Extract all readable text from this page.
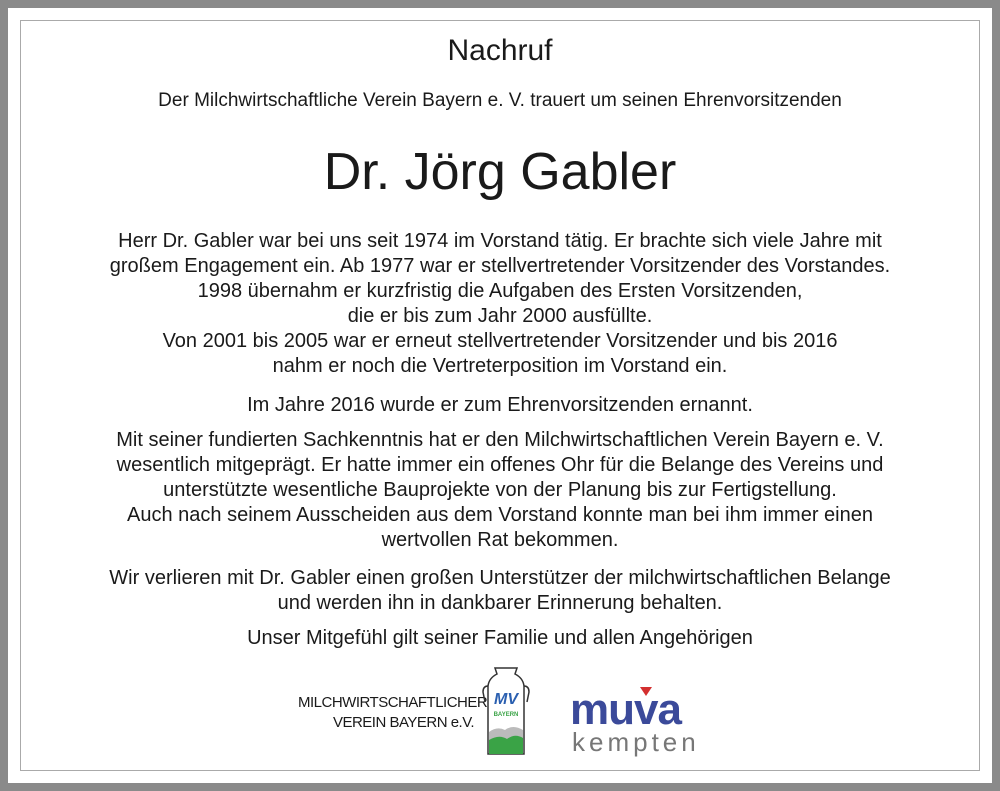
Nachruf
Der Milchwirtschaftliche Verein Bayern e. V. trauert um seinen Ehrenvorsitzenden
Dr. Jörg Gabler
Herr Dr. Gabler war bei uns seit 1974 im Vorstand tätig. Er brachte sich viele Jahre mit
großem Engagement ein. Ab 1977 war er stellvertretender Vorsitzender des Vorstandes.
1998 übernahm er kurzfristig die Aufgaben des Ersten Vorsitzenden,
die er bis zum Jahr 2000 ausfüllte.
Von 2001 bis 2005 war er erneut stellvertretender Vorsitzender und bis 2016
nahm er noch die Vertreterposition im Vorstand ein.
Im Jahre 2016 wurde er zum Ehrenvorsitzenden ernannt.
Mit seiner fundierten Sachkenntnis hat er den Milchwirtschaftlichen Verein Bayern e. V.
wesentlich mitgeprägt. Er hatte immer ein offenes Ohr für die Belange des Vereins und
unterstützte wesentliche Bauprojekte von der Planung bis zur Fertigstellung.
Auch nach seinem Ausscheiden aus dem Vorstand konnte man bei ihm immer einen
wertvollen Rat bekommen.
Wir verlieren mit Dr. Gabler einen großen Unterstützer der milchwirtschaftlichen Belange
und werden ihn in dankbarer Erinnerung behalten.
Unser Mitgefühl gilt seiner Familie und allen Angehörigen
MILCHWIRTSCHAFTLICHER
VEREIN BAYERN e.V.
MV
BAYERN muva
kempten
